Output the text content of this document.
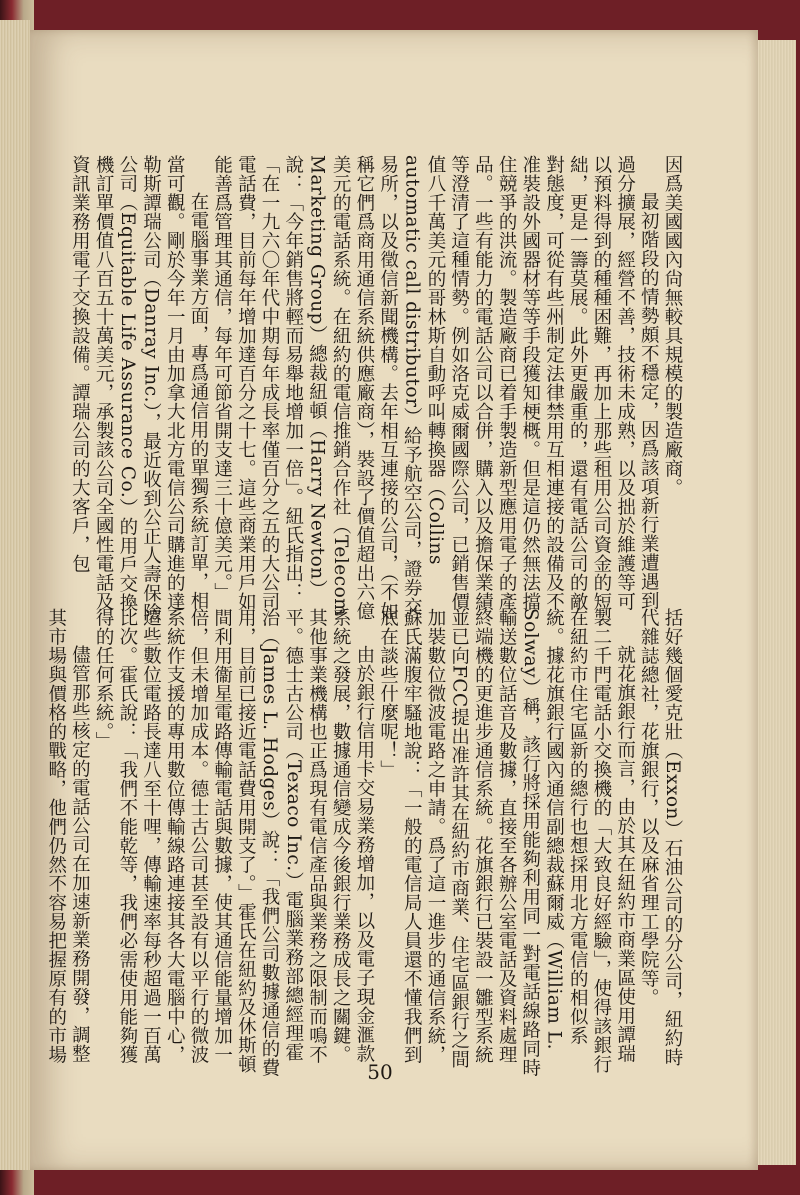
因爲美國國內尙無較具規模的製造廠商。

最初階段的情勢頗不穩定，因爲該項新行業遭遇到過分擴展，經營不善，技術未成熟，以及拙於維護等可以預料得到的種種困難，再加上那些租用公司資金的短絀，更是一籌莫展。此外更嚴重的，還有電話公司的敵對態度，可從有些州制定法律禁用互相連接的設備及不准裝設外國器材等等手段獲知梗概。但是這仍然無法擋住競爭的洪流。製造廠商已着手製造新型應用電子的產品。一些有能力的電話公司以合併，購入以及擔保業績等澄清了這種情勢。例如洛克威爾國際公司，已銷售價值八千萬美元的哥林斯自動呼叫轉換器（Collins automatic call distributor）給予航空公司，證券交易所，以及徵信新聞機構。去年相互連接的公司，（不如稱它們爲商用通信系統供應廠商），裝設了價值超出六億美元的電話系統。在紐約的電信推銷合作社（Telecom Marketing Group）總裁紐頓（Harry Newton）說：「今年銷售將輕而易舉地增加一倍」。紐氏指出：「在一九六〇年代中期每年成長率僅百分之五的大公司電話費，目前每年增加達百分之十七。這些商業用戶如能善爲管理其通信，每年可節省開支達三十億美元。」

在電腦事業方面，專爲通信用的單獨系統訂單，相當可觀。剛於今年一月由加拿大北方電信公司購進的達勒斯譚瑞公司（Danray Inc.），最近收到公正人壽保險公司（Equitable Life Assurance Co.）的用戶交換機訂單價值八百五十萬美元，承製該公司全國性電話及資訊業務用電子交換設備。譚瑞公司的大客戶，包

括好幾個愛克壯（Exxon）石油公司的分公司，紐約時代雜誌總社，花旗銀行，以及麻省理工學院等。

就花旗銀行而言，由於其在紐約市商業區使用譚瑞製二千門電話小交換機的「大致良好經驗」，使得該銀行在紐約市住宅區新的總行也想採用北方電信的相似系統。據花旗銀行國內通信副總裁蘇爾威（William L. Solway）稱，該行將採用能夠利用同一對電話線路同時輸送數位話音及數據，直接至各辦公室電話及資料處理終端機的更進步通信系統。花旗銀行已裝設一雛型系統並已向FCC提出准許其在紐約市商業、住宅區銀行之間加裝數位微波電路之申請。爲了這一進步的通信系統，蘇氏滿腹牢騷地說：「一般的電信局人員還不懂我們到底在談些什麼呢！」

由於銀行信用卡交易業務增加，以及電子現金滙款系統之發展，數據通信變成今後銀行業務成長之關鍵。其他事業機構也正爲現有電信產品與業務之限制而鳴不平。德士古公司（Texaco Inc.）電腦業務部總經理霍治（James L. Hodges）說：「我們公司數據通信的費用，目前已接近電話費用開支了。」霍氏在紐約及休斯頓間利用衞星電路傳輸電話與數據，使其通信能量增加一倍，但未增加成本。德士古公司甚至設有以平行的微波系統作支援的專用數位傳輸線路連接其各大電腦中心，這些數位電路長達八至十哩，傳輸速率每秒超過一百萬比次。霍氏說：「我們不能乾等，我們必需使用能夠獲得的任何系統。」

儘管那些核定的電話公司在加速新業務開發，調整其市場與價格的戰略，他們仍然不容易把握原有的市場

50
